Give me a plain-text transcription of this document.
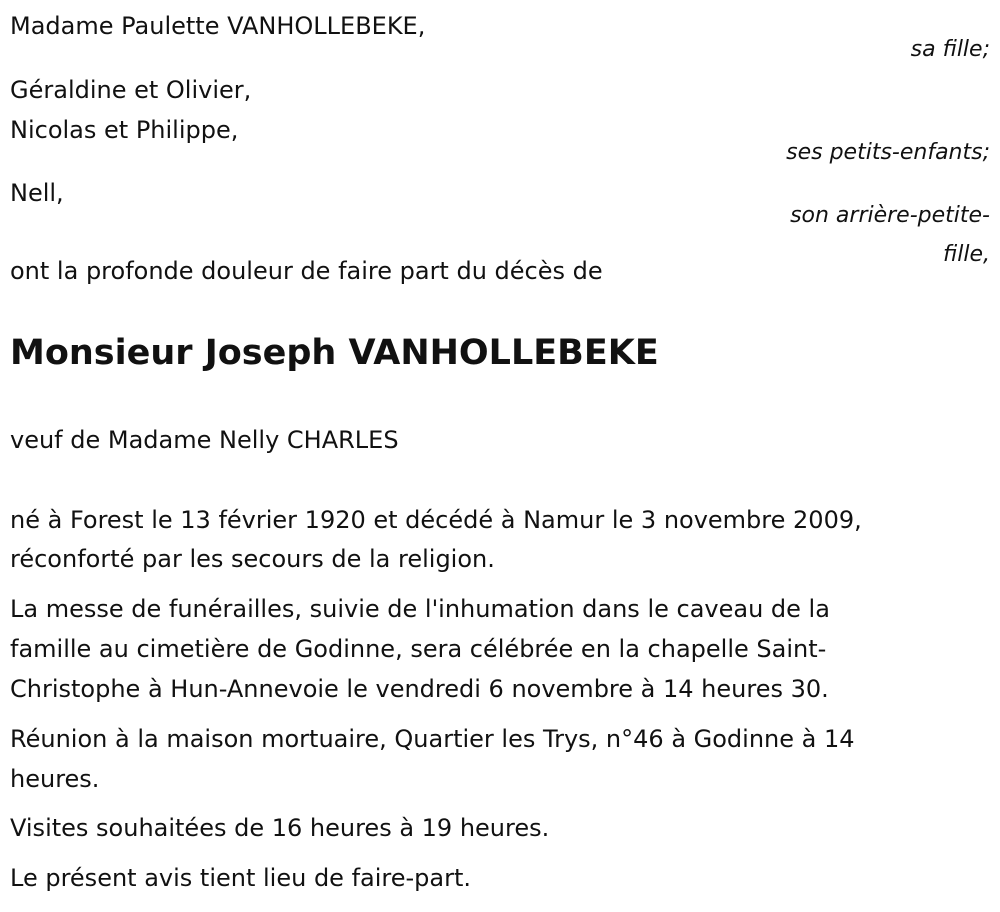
Madame Paulette VANHOLLEBEKE,

sa fille;

Géraldine et Olivier,

Nicolas et Philippe,

ses petits-enfants;

Nell,

son arrière-petite-

fille,

ont la profonde douleur de faire part du décès de

Monsieur Joseph VANHOLLEBEKE

veuf de Madame Nelly CHARLES

né à Forest le 13 février 1920 et décédé à Namur le 3 novembre 2009,

réconforté par les secours de la religion.

La messe de funérailles, suivie de l'inhumation dans le caveau de la

famille au cimetière de Godinne, sera célébrée en la chapelle Saint-

Christophe à Hun-Annevoie le vendredi 6 novembre à 14 heures 30.

Réunion à la maison mortuaire, Quartier les Trys, n°46 à Godinne à 14

heures.

Visites souhaitées de 16 heures à 19 heures.

Le présent avis tient lieu de faire-part.
